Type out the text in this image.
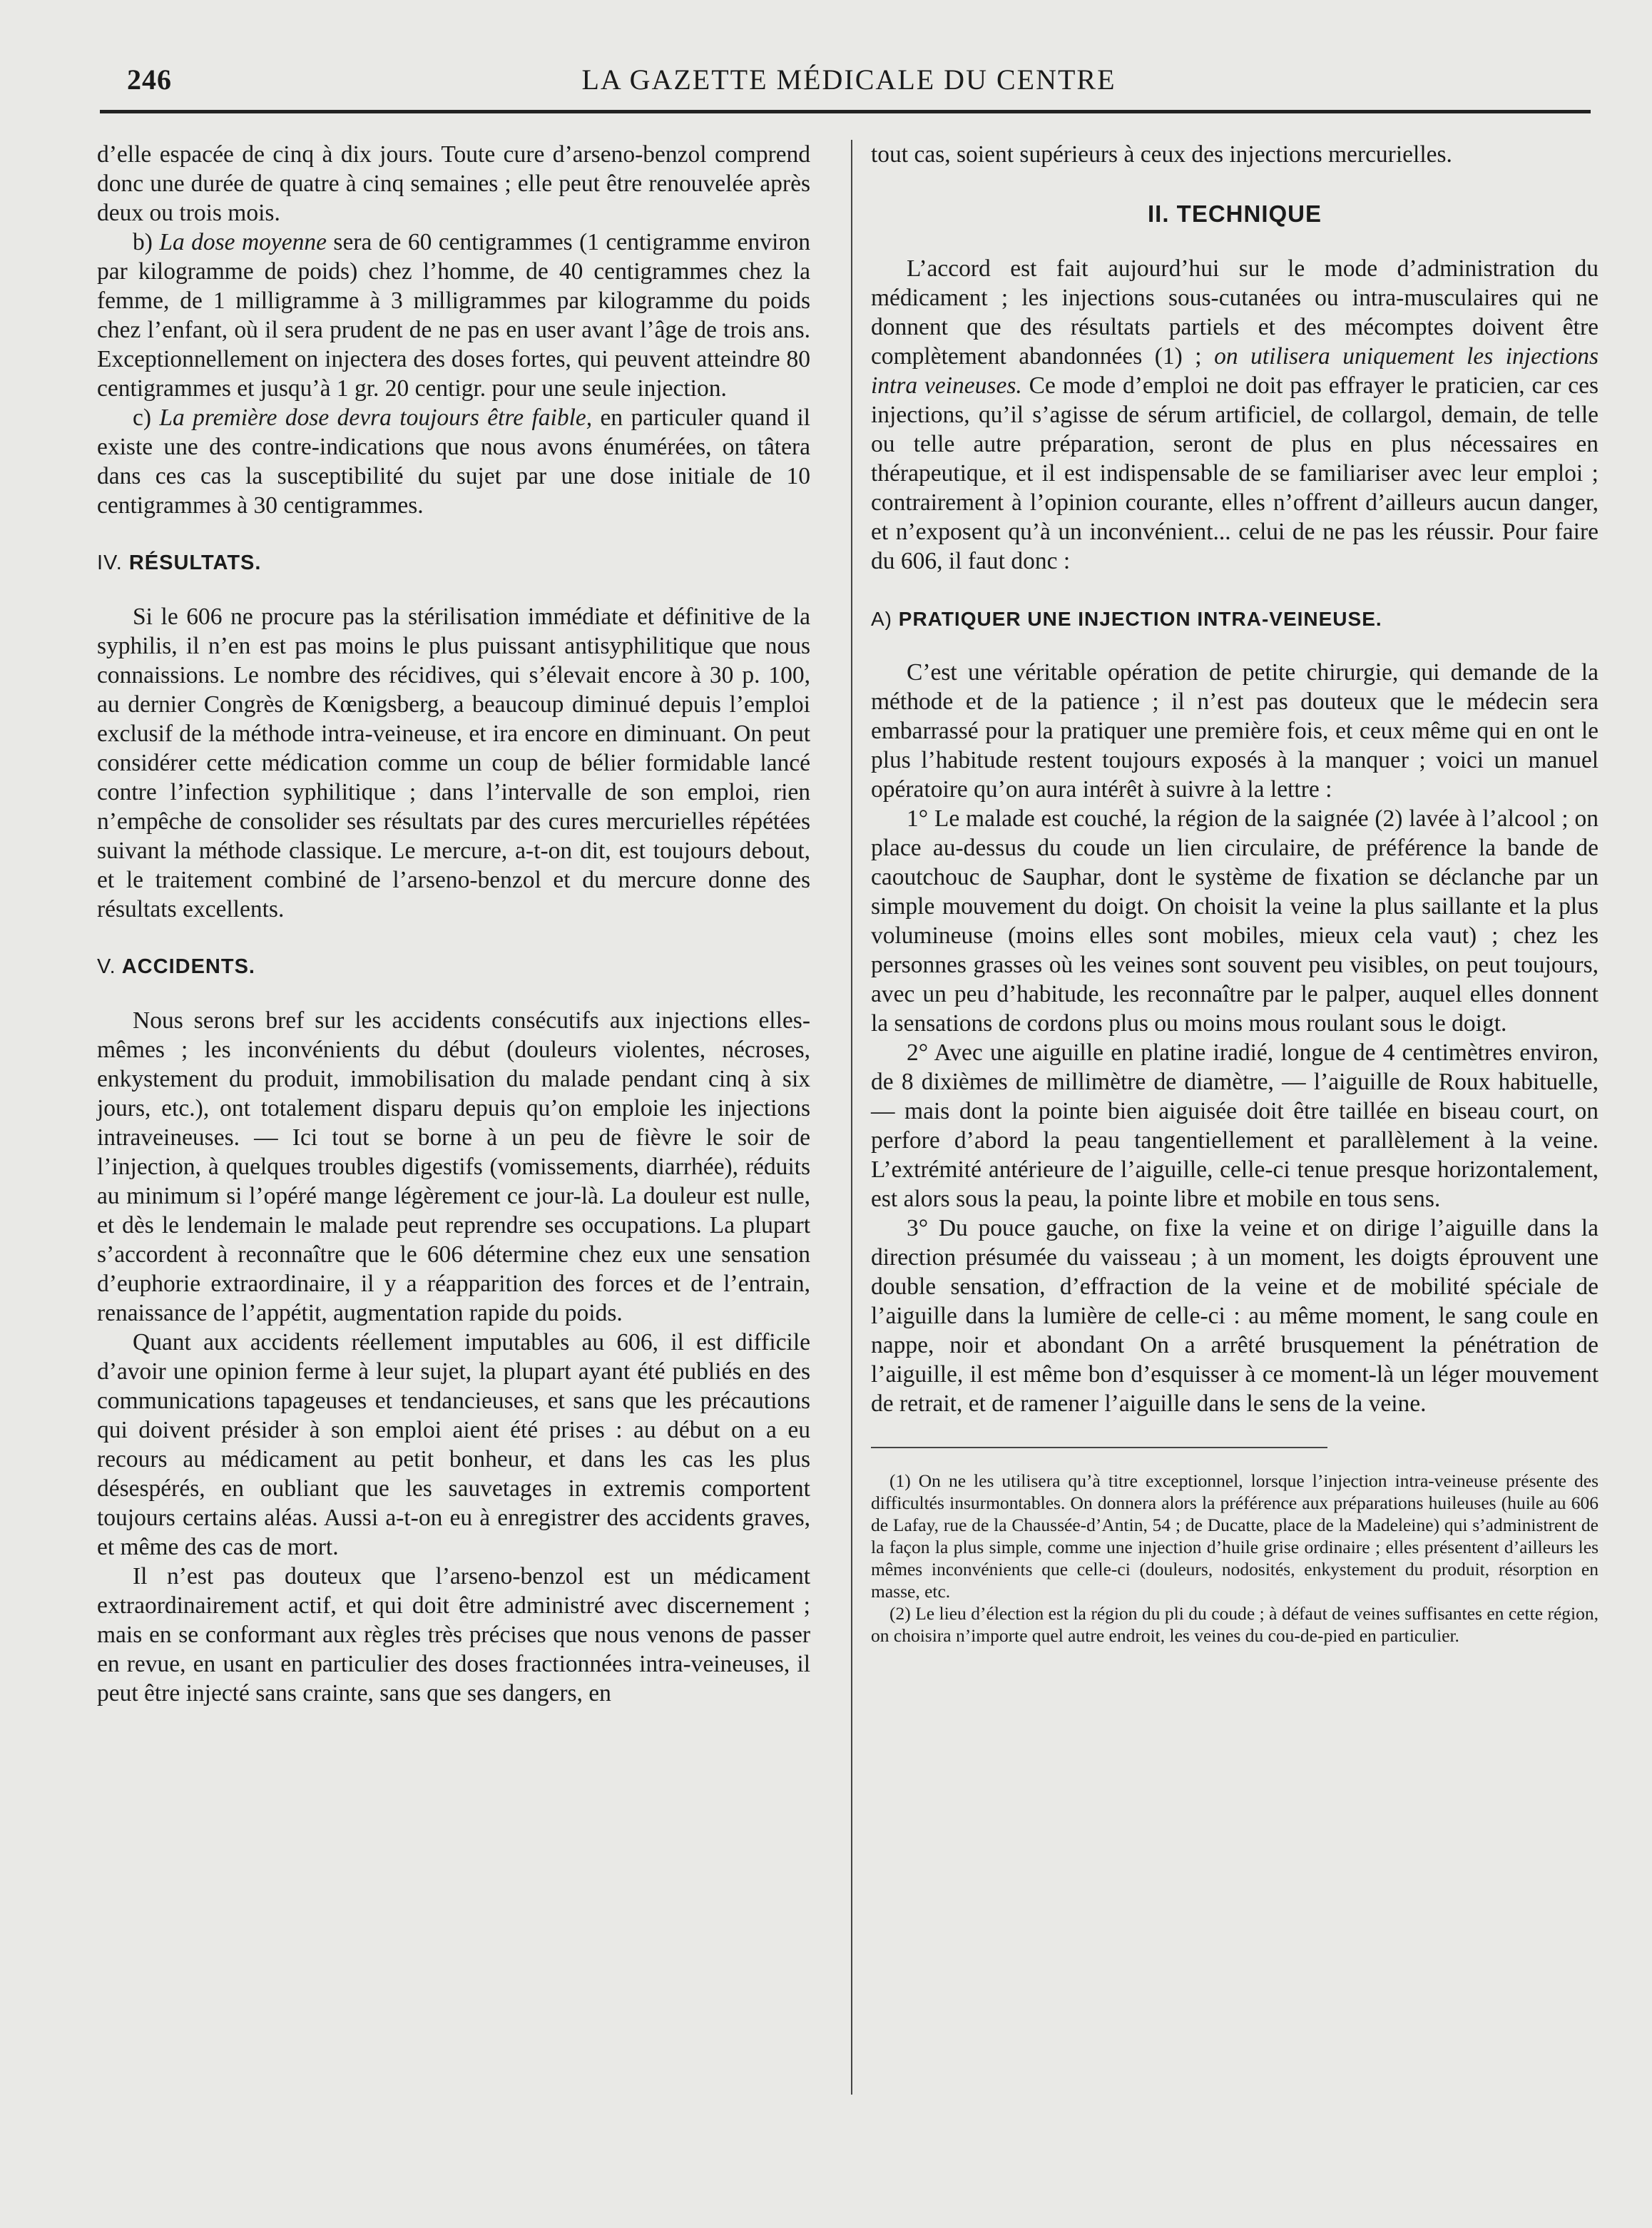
246	LA GAZETTE MÉDICALE DU CENTRE

d’elle espacée de cinq à dix jours. Toute cure d’arseno-benzol comprend donc une durée de quatre à cinq semaines ; elle peut être renouvelée après deux ou trois mois.

b) La dose moyenne sera de 60 centigrammes (1 centigramme environ par kilogramme de poids) chez l’homme, de 40 centigrammes chez la femme, de 1 milligramme à 3 milligrammes par kilogramme du poids chez l’enfant, où il sera prudent de ne pas en user avant l’âge de trois ans. Exceptionnellement on injectera des doses fortes, qui peuvent atteindre 80 centigrammes et jusqu’à 1 gr. 20 centigr. pour une seule injection.

c) La première dose devra toujours être faible, en particuler quand il existe une des contre-indications que nous avons énumérées, on tâtera dans ces cas la susceptibilité du sujet par une dose initiale de 10 centigrammes à 30 centigrammes.

IV. RÉSULTATS.

Si le 606 ne procure pas la stérilisation immédiate et définitive de la syphilis, il n’en est pas moins le plus puissant antisyphilitique que nous connaissions. Le nombre des récidives, qui s’élevait encore à 30 p. 100, au dernier Congrès de Kœnigsberg, a beaucoup diminué depuis l’emploi exclusif de la méthode intra-veineuse, et ira encore en diminuant. On peut considérer cette médication comme un coup de bélier formidable lancé contre l’infection syphilitique ; dans l’intervalle de son emploi, rien n’empêche de consolider ses résultats par des cures mercurielles répétées suivant la méthode classique. Le mercure, a-t-on dit, est toujours debout, et le traitement combiné de l’arseno-benzol et du mercure donne des résultats excellents.

V. ACCIDENTS.

Nous serons bref sur les accidents consécutifs aux injections elles-mêmes ; les inconvénients du début (douleurs violentes, nécroses, enkystement du produit, immobilisation du malade pendant cinq à six jours, etc.), ont totalement disparu depuis qu’on emploie les injections intraveineuses. — Ici tout se borne à un peu de fièvre le soir de l’injection, à quelques troubles digestifs (vomissements, diarrhée), réduits au minimum si l’opéré mange légèrement ce jour-là. La douleur est nulle, et dès le lendemain le malade peut reprendre ses occupations. La plupart s’accordent à reconnaître que le 606 détermine chez eux une sensation d’euphorie extraordinaire, il y a réapparition des forces et de l’entrain, renaissance de l’appétit, augmentation rapide du poids.

Quant aux accidents réellement imputables au 606, il est difficile d’avoir une opinion ferme à leur sujet, la plupart ayant été publiés en des communications tapageuses et tendancieuses, et sans que les précautions qui doivent présider à son emploi aient été prises : au début on a eu recours au médicament au petit bonheur, et dans les cas les plus désespérés, en oubliant que les sauvetages in extremis comportent toujours certains aléas. Aussi a-t-on eu à enregistrer des accidents graves, et même des cas de mort.

Il n’est pas douteux que l’arseno-benzol est un médicament extraordinairement actif, et qui doit être administré avec discernement ; mais en se conformant aux règles très précises que nous venons de passer en revue, en usant en particulier des doses fractionnées intra-veineuses, il peut être injecté sans crainte, sans que ses dangers, en

tout cas, soient supérieurs à ceux des injections mercurielles.

II. TECHNIQUE

L’accord est fait aujourd’hui sur le mode d’administration du médicament ; les injections sous-cutanées ou intra-musculaires qui ne donnent que des résultats partiels et des mécomptes doivent être complètement abandonnées (1) ; on utilisera uniquement les injections intra veineuses. Ce mode d’emploi ne doit pas effrayer le praticien, car ces injections, qu’il s’agisse de sérum artificiel, de collargol, demain, de telle ou telle autre préparation, seront de plus en plus nécessaires en thérapeutique, et il est indispensable de se familiariser avec leur emploi ; contrairement à l’opinion courante, elles n’offrent d’ailleurs aucun danger, et n’exposent qu’à un inconvénient... celui de ne pas les réussir. Pour faire du 606, il faut donc :

A) PRATIQUER UNE INJECTION INTRA-VEINEUSE.

C’est une véritable opération de petite chirurgie, qui demande de la méthode et de la patience ; il n’est pas douteux que le médecin sera embarrassé pour la pratiquer une première fois, et ceux même qui en ont le plus l’habitude restent toujours exposés à la manquer ; voici un manuel opératoire qu’on aura intérêt à suivre à la lettre :

1° Le malade est couché, la région de la saignée (2) lavée à l’alcool ; on place au-dessus du coude un lien circulaire, de préférence la bande de caoutchouc de Sauphar, dont le système de fixation se déclanche par un simple mouvement du doigt. On choisit la veine la plus saillante et la plus volumineuse (moins elles sont mobiles, mieux cela vaut) ; chez les personnes grasses où les veines sont souvent peu visibles, on peut toujours, avec un peu d’habitude, les reconnaître par le palper, auquel elles donnent la sensations de cordons plus ou moins mous roulant sous le doigt.

2° Avec une aiguille en platine iradié, longue de 4 centimètres environ, de 8 dixièmes de millimètre de diamètre, — l’aiguille de Roux habituelle, — mais dont la pointe bien aiguisée doit être taillée en biseau court, on perfore d’abord la peau tangentiellement et parallèlement à la veine. L’extrémité antérieure de l’aiguille, celle-ci tenue presque horizontalement, est alors sous la peau, la pointe libre et mobile en tous sens.

3° Du pouce gauche, on fixe la veine et on dirige l’aiguille dans la direction présumée du vaisseau ; à un moment, les doigts éprouvent une double sensation, d’effraction de la veine et de mobilité spéciale de l’aiguille dans la lumière de celle-ci : au même moment, le sang coule en nappe, noir et abondant On a arrêté brusquement la pénétration de l’aiguille, il est même bon d’esquisser à ce moment-là un léger mouvement de retrait, et de ramener l’aiguille dans le sens de la veine.

(1) On ne les utilisera qu’à titre exceptionnel, lorsque l’injection intra-veineuse présente des difficultés insurmontables. On donnera alors la préférence aux préparations huileuses (huile au 606 de Lafay, rue de la Chaussée-d’Antin, 54 ; de Ducatte, place de la Madeleine) qui s’administrent de la façon la plus simple, comme une injection d’huile grise ordinaire ; elles présentent d’ailleurs les mêmes inconvénients que celle-ci (douleurs, nodosités, enkystement du produit, résorption en masse, etc.

(2) Le lieu d’élection est la région du pli du coude ; à défaut de veines suffisantes en cette région, on choisira n’importe quel autre endroit, les veines du cou-de-pied en particulier.
